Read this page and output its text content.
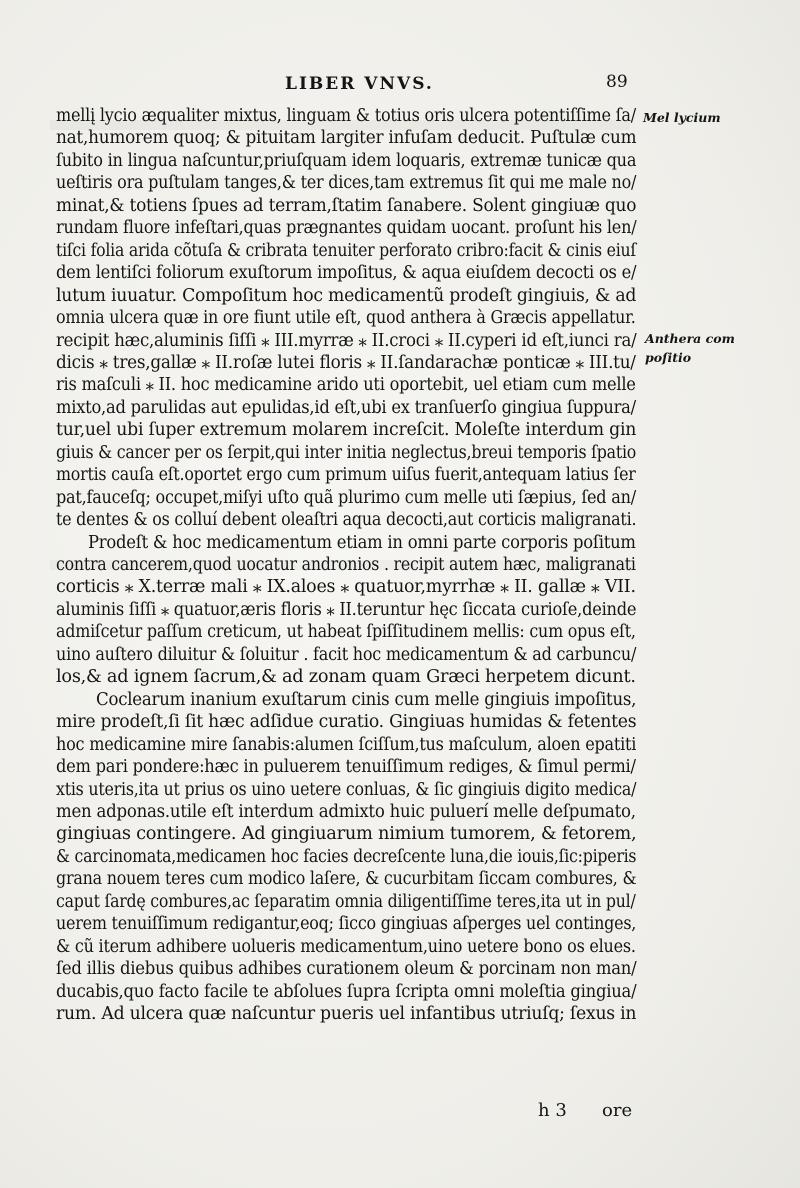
LIBER VNVS.	89
mellį lycio æqualiter mixtus, linguam & totius oris ulcera potentiſſime ſa/
nat,humorem quoq; & pituitam largiter infuſam deducit. Puſtulæ cum
ſubito in lingua naſcuntur,priuſquam idem loquaris, extremæ tunicæ qua
ueſtiris ora puſtulam tanges,& ter dices,tam extremus ſit qui me male no/
minat,& totiens ſpues ad terram,ſtatim ſanabere. Solent gingiuæ quo
rundam fluore infeſtari,quas prægnantes quidam uocant. proſunt his len/
tiſci folia arida cõtuſa & cribrata tenuiter perforato cribro:facit & cinis eiuſ
dem lentiſci foliorum exuſtorum impoſitus, & aqua eiuſdem decocti os e/
lutum iuuatur. Compoſitum hoc medicamentũ prodeſt gingiuis, & ad
omnia ulcera quæ in ore fiunt utile eſt, quod anthera à Græcis appellatur.
recipit hæc,aluminis ſiſſi ⁎ III.myrræ ⁎ II.croci ⁎ II.cyperi id eſt,iunci ra/
dicis ⁎ tres,gallæ ⁎ II.roſæ lutei floris ⁎ II.ſandarachæ ponticæ ⁎ III.tu/
ris maſculi ⁎ II. hoc medicamine arido uti oportebit, uel etiam cum melle
mixto,ad parulidas aut epulidas,id eſt,ubi ex tranſuerſo gingiua ſuppura/
tur,uel ubi ſuper extremum molarem increſcit. Moleſte interdum gin
giuis & cancer per os ſerpit,qui inter initia neglectus,breui temporis ſpatio
mortis cauſa eſt.oportet ergo cum primum uiſus fuerit,antequam latius ſer
pat,fauceſq; occupet,miſyi uſto quã plurimo cum melle uti ſæpius, ſed an/
te dentes & os colluí debent oleaſtri aqua decocti,aut corticis maligranati.
Prodeſt & hoc medicamentum etiam in omni parte corporis poſitum
contra cancerem,quod uocatur andronios . recipit autem hæc, maligranati
corticis ⁎ X.terræ mali ⁎ IX.aloes ⁎ quatuor,myrrhæ ⁎ II. gallæ ⁎ VII.
aluminis ſiſſi ⁎ quatuor,æris floris ⁎ II.teruntur hęc ſiccata curioſe,deinde
admiſcetur paſſum creticum, ut habeat ſpiſſitudinem mellis: cum opus eſt,
uino auſtero diluitur & ſoluitur . facit hoc medicamentum & ad carbuncu/
los,& ad ignem ſacrum,& ad zonam quam Græci herpetem dicunt.
Coclearum inanium exuſtarum cinis cum melle gingiuis impoſitus,
mire prodeſt,ſi ſit hæc adſidue curatio. Gingiuas humidas & fetentes
hoc medicamine mire ſanabis:alumen ſciſſum,tus maſculum, aloen epatiti
dem pari pondere:hæc in puluerem tenuiſſimum rediges, & ſimul permi/
xtis uteris,ita ut prius os uino uetere conluas, & ſic gingiuis digito medica/
men adponas.utile eſt interdum admixto huic puluerí melle deſpumato,
gingiuas contingere. Ad gingiuarum nimium tumorem, & fetorem,
& carcinomata,medicamen hoc facies decreſcente luna,die iouis,ſic:piperis
grana nouem teres cum modico laſere, & cucurbitam ſiccam combures, &
caput ſardę combures,ac ſeparatim omnia diligentiſſime teres,ita ut in pul/
uerem tenuiſſimum redigantur,eoq; ſicco gingiuas aſperges uel continges,
& cũ iterum adhibere uolueris medicamentum,uino uetere bono os elues.
ſed illis diebus quibus adhibes curationem oleum & porcinam non man/
ducabis,quo facto facile te abſolues ſupra ſcripta omni moleſtia gingiua/
rum. Ad ulcera quæ naſcuntur pueris uel infantibus utriuſq; ſexus in
Mel lycium
Anthera com
poſitio
h 3 ore
